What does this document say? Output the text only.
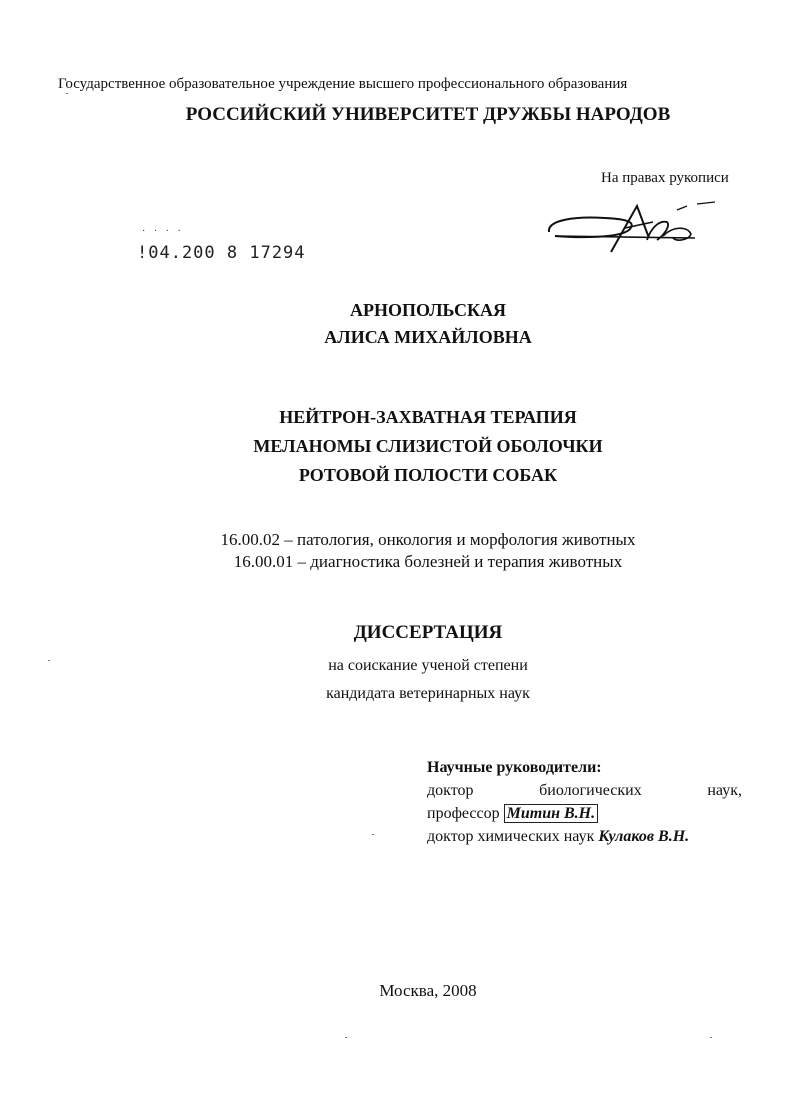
Государственное образовательное учреждение высшего профессионального образования
РОССИЙСКИЙ УНИВЕРСИТЕТ ДРУЖБЫ НАРОДОВ
На правах рукописи
· · · ·
!04.200 8 17294
АРНОПОЛЬСКАЯ
АЛИСА МИХАЙЛОВНА
НЕЙТРОН-ЗАХВАТНАЯ ТЕРАПИЯ
МЕЛАНОМЫ СЛИЗИСТОЙ ОБОЛОЧКИ
РОТОВОЙ ПОЛОСТИ СОБАК
16.00.02 – патология, онкология и морфология животных
16.00.01 – диагностика болезней и терапия животных
ДИССЕРТАЦИЯ
на соискание ученой степени
кандидата ветеринарных наук
Научные руководители:
доктор	биологических	наук,
профессор Митин В.Н.
доктор химических наук Кулаков В.Н.
Москва, 2008
